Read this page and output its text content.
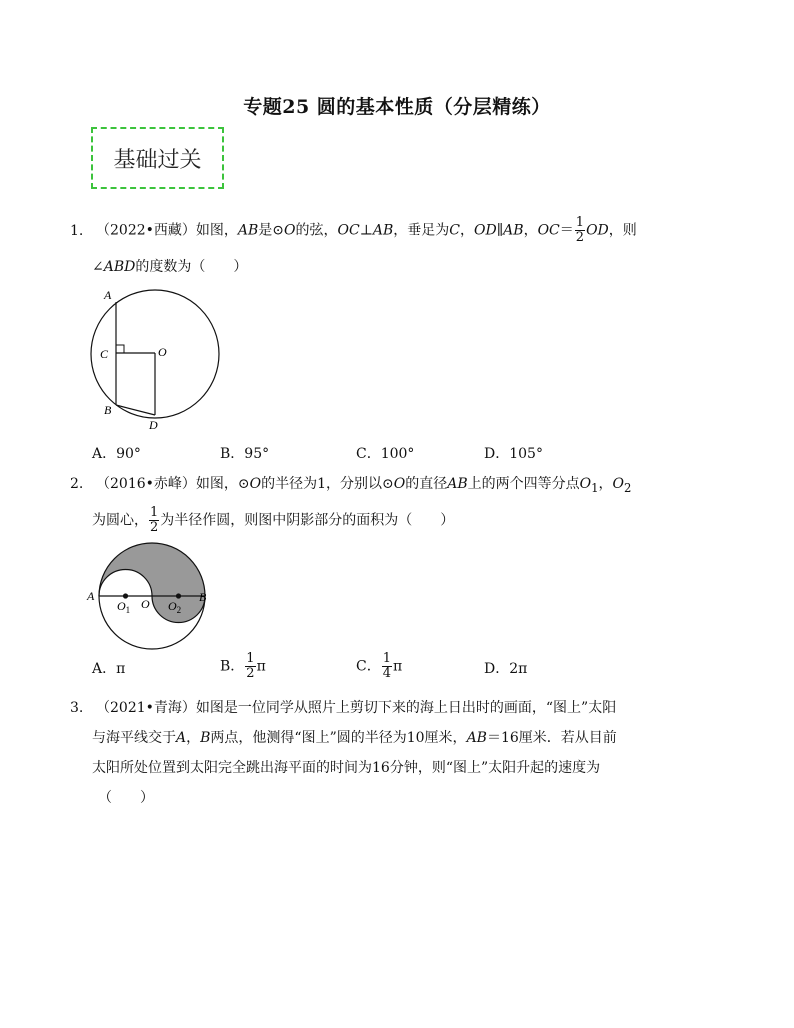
专题25 圆的基本性质（分层精练）
基础过关
1. （2022•西藏）如图，AB是⊙O的弦，OC⊥AB，垂足为C，OD∥AB，$OC= \frac{1}{2}$ OD，则
∠ABD的度数为（　　）
A
C	O
B
D
A．90°	B．95°	C．100°	D．105°
2. （2016•赤峰）如图，⊙O的半径为1，分别以⊙O的直径AB上的两个四等分点$O_1$，$O_2$
为圆心， $\frac{1}{2}$ 为半径作圆，则图中阴影部分的面积为（　　）
A	B
O
$O_1$	$O_2$
A．π	B． $\frac{1}{2}$ π	C． $\frac{1}{4}$ π	D．2π
3. （2021•青海）如图是一位同学从照片上剪切下来的海上日出时的画面，“图上”太阳
与海平线交于A，B两点，他测得“图上”圆的半径为10厘米，AB＝16厘米．若从目前
太阳所处位置到太阳完全跳出海平面的时间为16分钟，则“图上”太阳升起的速度为
（　　）
